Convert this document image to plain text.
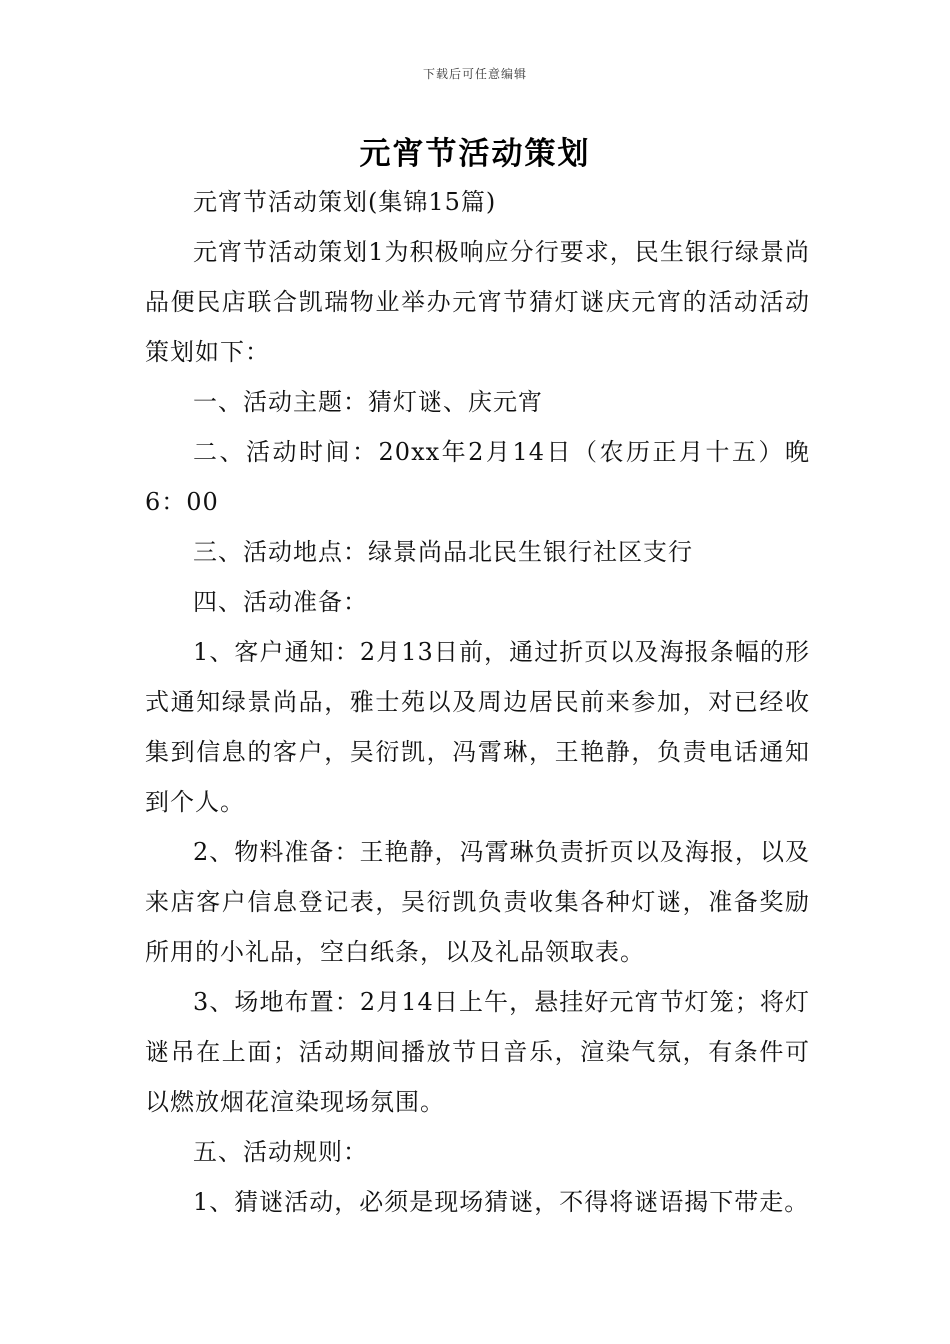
下载后可任意编辑
元宵节活动策划

元宵节活动策划(集锦15篇)

元宵节活动策划1为积极响应分行要求，民生银行绿景尚品便民店联合凯瑞物业举办元宵节猜灯谜庆元宵的活动活动策划如下：

一、活动主题：猜灯谜、庆元宵

二、活动时间：20xx年2月14日（农历正月十五）晚6：00

三、活动地点：绿景尚品北民生银行社区支行

四、活动准备：

1、客户通知：2月13日前，通过折页以及海报条幅的形式通知绿景尚品，雅士苑以及周边居民前来参加，对已经收集到信息的客户，吴衍凯，冯霄琳，王艳静，负责电话通知到个人。

2、物料准备：王艳静，冯霄琳负责折页以及海报，以及来店客户信息登记表，吴衍凯负责收集各种灯谜，准备奖励所用的小礼品，空白纸条，以及礼品领取表。

3、场地布置：2月14日上午，悬挂好元宵节灯笼；将灯谜吊在上面；活动期间播放节日音乐，渲染气氛，有条件可以燃放烟花渲染现场氛围。

五、活动规则：

1、猜谜活动，必须是现场猜谜，不得将谜语揭下带走。
